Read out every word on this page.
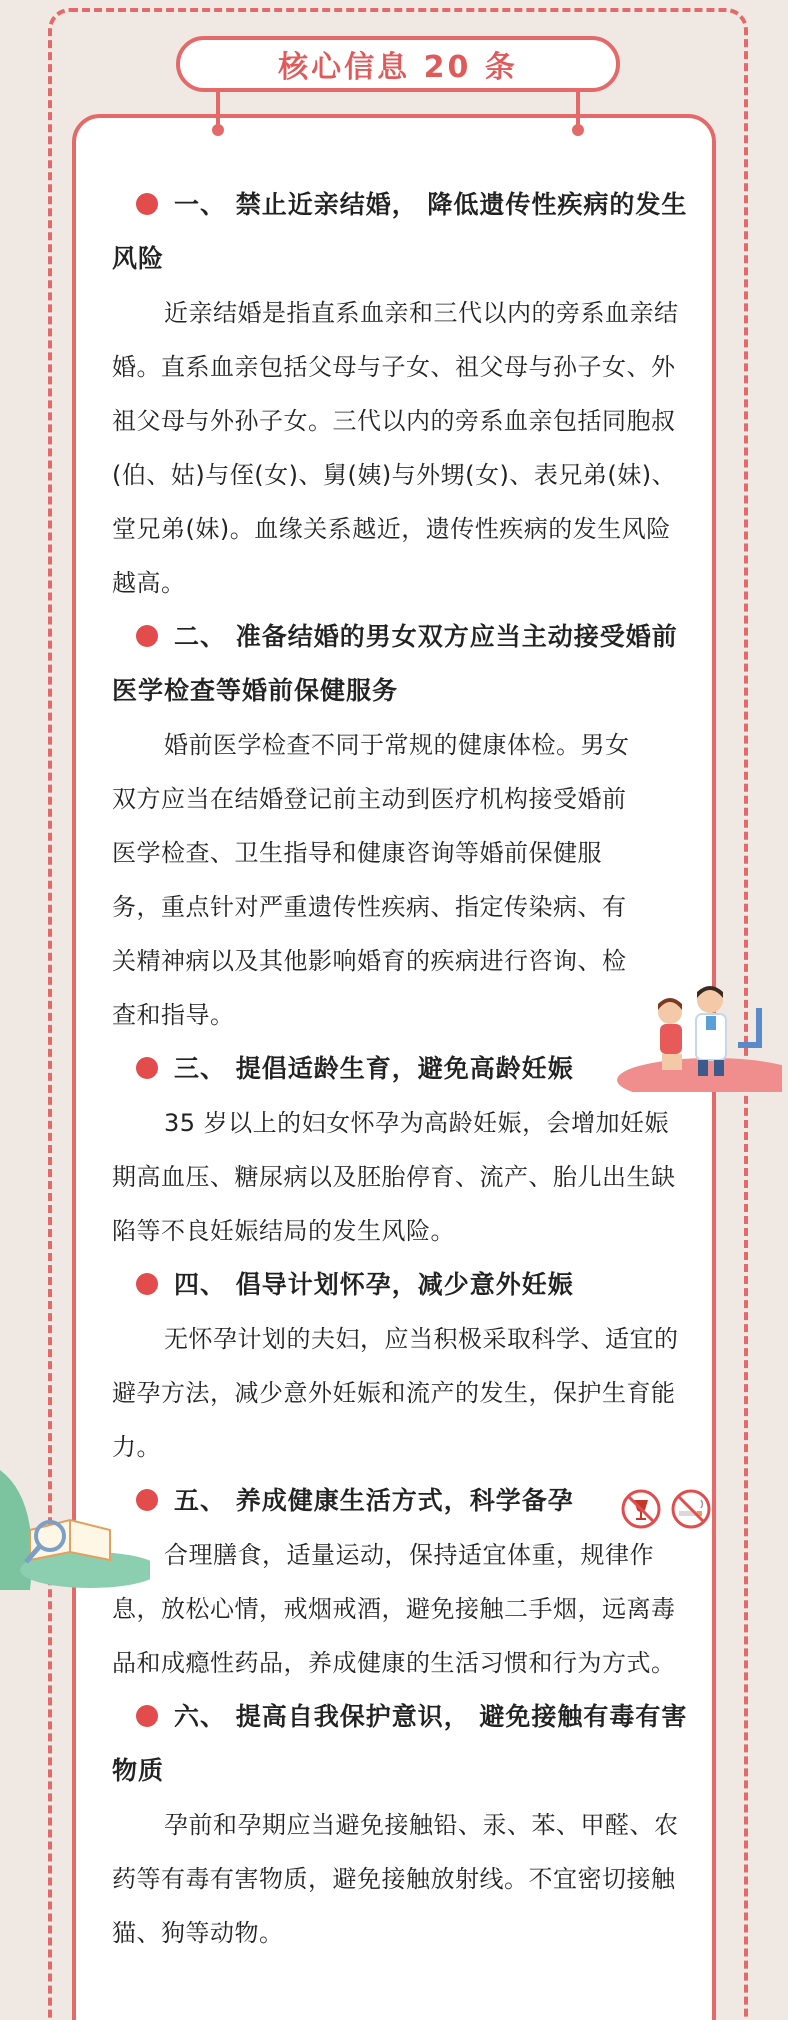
核心信息 20 条

一、 禁止近亲结婚， 降低遗传性疾病的发生风险

近亲结婚是指直系血亲和三代以内的旁系血亲结婚。直系血亲包括父母与子女、祖父母与孙子女、外祖父母与外孙子女。三代以内的旁系血亲包括同胞叔(伯、姑)与侄(女)、舅(姨)与外甥(女)、表兄弟(妹)、堂兄弟(妹)。血缘关系越近，遗传性疾病的发生风险越高。

二、 准备结婚的男女双方应当主动接受婚前医学检查等婚前保健服务

婚前医学检查不同于常规的健康体检。男女双方应当在结婚登记前主动到医疗机构接受婚前医学检查、卫生指导和健康咨询等婚前保健服务，重点针对严重遗传性疾病、指定传染病、有关精神病以及其他影响婚育的疾病进行咨询、检查和指导。

三、 提倡适龄生育，避免高龄妊娠

35 岁以上的妇女怀孕为高龄妊娠，会增加妊娠期高血压、糖尿病以及胚胎停育、流产、胎儿出生缺陷等不良妊娠结局的发生风险。

四、 倡导计划怀孕，减少意外妊娠

无怀孕计划的夫妇，应当积极采取科学、适宜的避孕方法，减少意外妊娠和流产的发生，保护生育能力。

五、 养成健康生活方式，科学备孕

合理膳食，适量运动，保持适宜体重，规律作息，放松心情，戒烟戒酒，避免接触二手烟，远离毒品和成瘾性药品，养成健康的生活习惯和行为方式。

六、 提高自我保护意识， 避免接触有毒有害物质

孕前和孕期应当避免接触铅、汞、苯、甲醛、农药等有毒有害物质，避免接触放射线。不宜密切接触猫、狗等动物。
